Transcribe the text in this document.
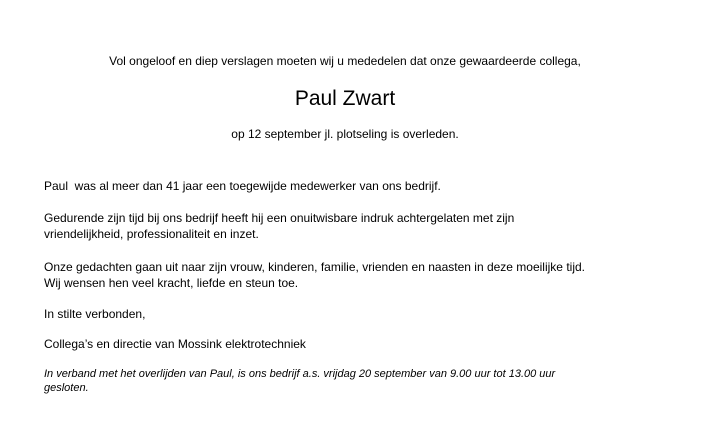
Vol ongeloof en diep verslagen moeten wij u mededelen dat onze gewaardeerde collega,
Paul Zwart
op 12 september jl. plotseling is overleden.
Paul  was al meer dan 41 jaar een toegewijde medewerker van ons bedrijf.
Gedurende zijn tijd bij ons bedrijf heeft hij een onuitwisbare indruk achtergelaten met zijn
vriendelijkheid, professionaliteit en inzet.
Onze gedachten gaan uit naar zijn vrouw, kinderen, familie, vrienden en naasten in deze moeilijke tijd.
Wij wensen hen veel kracht, liefde en steun toe.
In stilte verbonden,
Collega’s en directie van Mossink elektrotechniek
In verband met het overlijden van Paul, is ons bedrijf a.s. vrijdag 20 september van 9.00 uur tot 13.00 uur
gesloten.
